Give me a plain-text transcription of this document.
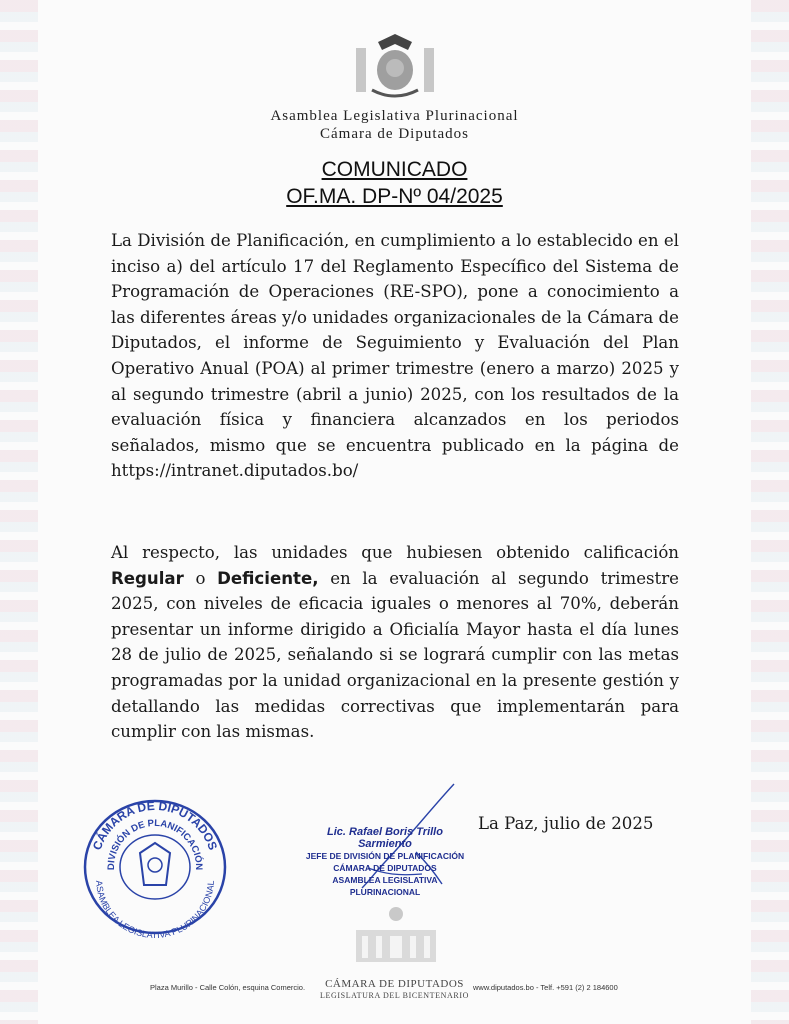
Asamblea Legislativa Plurinacional
Cámara de Diputados
COMUNICADO
OF.MA. DP-Nº 04/2025
La División de Planificación, en cumplimiento a lo establecido en el inciso a) del artículo 17 del Reglamento Específico del Sistema de Programación de Operaciones (RE-SPO), pone a conocimiento a las diferentes áreas y/o unidades organizacionales de la Cámara de Diputados, el informe de Seguimiento y Evaluación del Plan Operativo Anual (POA) al primer trimestre (enero a marzo) 2025 y al segundo trimestre (abril a junio) 2025, con los resultados de la evaluación física y financiera alcanzados en los periodos señalados, mismo que se encuentra publicado en la página de https://intranet.diputados.bo/
Al respecto, las unidades que hubiesen obtenido calificación Regular o Deficiente, en la evaluación al segundo trimestre 2025, con niveles de eficacia iguales o menores al 70%, deberán presentar un informe dirigido a Oficialía Mayor hasta el día lunes 28 de julio de 2025, señalando si se logrará cumplir con las metas programadas por la unidad organizacional en la presente gestión y detallando las medidas correctivas que implementarán para cumplir con las mismas.
La Paz, julio de 2025
CÁMARA DE DIPUTADOS
DIVISIÓN DE PLANIFICACIÓN
ASAMBLEA LEGISLATIVA PLURINACIONAL
Lic. Rafael Boris Trillo Sarmiento
JEFE DE DIVISIÓN DE PLANIFICACIÓN
CÁMARA DE DIPUTADOS
ASAMBLEA LEGISLATIVA PLURINACIONAL
Plaza Murillo - Calle Colón, esquina Comercio.	CÁMARA DE DIPUTADOS
LEGISLATURA DEL BICENTENARIO
www.diputados.bo - Telf. +591 (2) 2 184600
